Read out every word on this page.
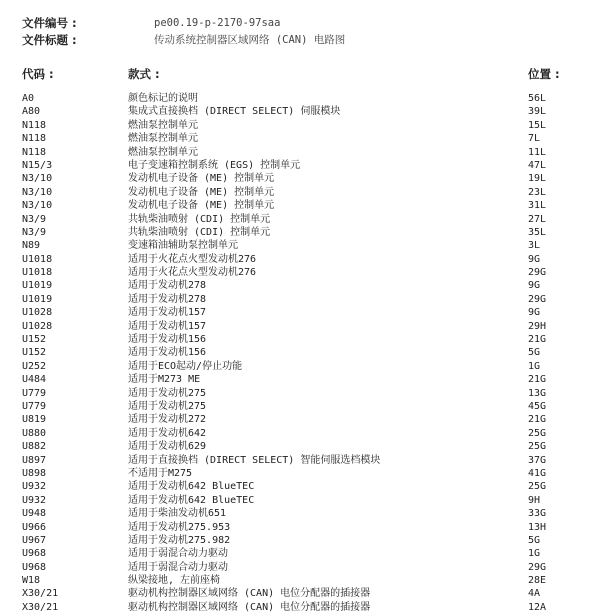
文件编号 :	pe00.19-p-2170-97saa
文件标题 :	传动系统控制器区域网络 (CAN) 电路图
代码 :	款式 :	位置 :
A0	颜色标记的说明	56L
A80	集成式直接换档 (DIRECT SELECT) 伺服模块	39L
N118	燃油泵控制单元	15L
N118	燃油泵控制单元	7L
N118	燃油泵控制单元	11L
N15/3	电子变速箱控制系统 (EGS) 控制单元	47L
N3/10	发动机电子设备 (ME) 控制单元	19L
N3/10	发动机电子设备 (ME) 控制单元	23L
N3/10	发动机电子设备 (ME) 控制单元	31L
N3/9	共轨柴油喷射 (CDI) 控制单元	27L
N3/9	共轨柴油喷射 (CDI) 控制单元	35L
N89	变速箱油辅助泵控制单元	3L
U1018	适用于火花点火型发动机276	9G
U1018	适用于火花点火型发动机276	29G
U1019	适用于发动机278	9G
U1019	适用于发动机278	29G
U1028	适用于发动机157	9G
U1028	适用于发动机157	29H
U152	适用于发动机156	21G
U152	适用于发动机156	5G
U252	适用于ECO起动/停止功能	1G
U484	适用于M273 ME	21G
U779	适用于发动机275	13G
U779	适用于发动机275	45G
U819	适用于发动机272	21G
U880	适用于发动机642	25G
U882	适用于发动机629	25G
U897	适用于直接换档 (DIRECT SELECT) 智能伺服选档模块	37G
U898	不适用于M275	41G
U932	适用于发动机642 BlueTEC	25G
U932	适用于发动机642 BlueTEC	9H
U948	适用于柴油发动机651	33G
U966	适用于发动机275.953	13H
U967	适用于发动机275.982	5G
U968	适用于弱混合动力驱动	1G
U968	适用于弱混合动力驱动	29G
W18	纵梁接地, 左前座椅	28E
X30/21	驱动机构控制器区域网络 (CAN) 电位分配器的插接器	4A
X30/21	驱动机构控制器区域网络 (CAN) 电位分配器的插接器	12A
